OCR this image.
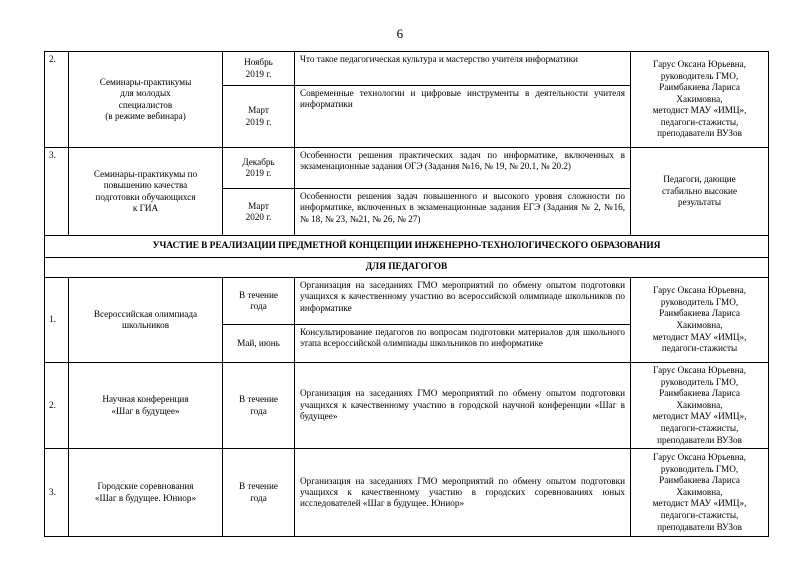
6
2.	Семинары-практикумы
для молодых
специалистов
(в режиме вебинара)	Ноябрь
2019 г.	Что такое педагогическая культура и мастерство учителя информатики	Гарус Оксана Юрьевна,
руководитель ГМО,
Раимбакиева Лариса
Хакимовна,
методист МАУ «ИМЦ»,
педагоги-стажисты,
преподаватели ВУЗов
		Март
2019 г.	Современные технологии и цифровые инструменты в деятельности учителя информатики	
3.	Семинары-практикумы по
повышению качества
подготовки обучающихся
к ГИА	Декабрь
2019 г.	Особенности решения практических задач по информатике, включенных в экзаменационные задания ОГЭ (Задания №16, № 19, № 20.1, № 20.2)	Педагоги, дающие
стабильно высокие
результаты
		Март
2020 г.	Особенности решения задач повышенного и высокого уровня сложности по информатике, включенных в экзаменационные задания ЕГЭ (Задания № 2, №16, № 18, № 23, №21, № 26, № 27)	
УЧАСТИЕ В РЕАЛИЗАЦИИ ПРЕДМЕТНОЙ КОНЦЕПЦИИ ИНЖЕНЕРНО-ТЕХНОЛОГИЧЕСКОГО ОБРАЗОВАНИЯ				
ДЛЯ ПЕДАГОГОВ				
1.	Всероссийская олимпиада
школьников	В течение
года	Организация на заседаниях ГМО мероприятий по обмену опытом подготовки учащихся к качественному участию во всероссийской олимпиаде школьников по информатике	Гарус Оксана Юрьевна,
руководитель ГМО,
Раимбакиева Лариса
Хакимовна,
методист МАУ «ИМЦ»,
педагоги-стажисты
		Май, июнь	Консультирование педагогов по вопросам подготовки материалов для школьного этапа всероссийской олимпиады школьников по информатике	
2.	Научная конференция
«Шаг в будущее»	В течение
года	Организация на заседаниях ГМО мероприятий по обмену опытом подготовки учащихся к качественному участию в городской научной конференции «Шаг в будущее»	Гарус Оксана Юрьевна,
руководитель ГМО,
Раимбакиева Лариса
Хакимовна,
методист МАУ «ИМЦ»,
педагоги-стажисты,
преподаватели ВУЗов
3.	Городские соревнования
«Шаг в будущее. Юниор»	В течение
года	Организация на заседаниях ГМО мероприятий по обмену опытом подготовки учащихся к качественному участию в городских соревнованиях юных исследователей «Шаг в будущее. Юниор»	Гарус Оксана Юрьевна,
руководитель ГМО,
Раимбакиева Лариса
Хакимовна,
методист МАУ «ИМЦ»,
педагоги-стажисты,
преподаватели ВУЗов
